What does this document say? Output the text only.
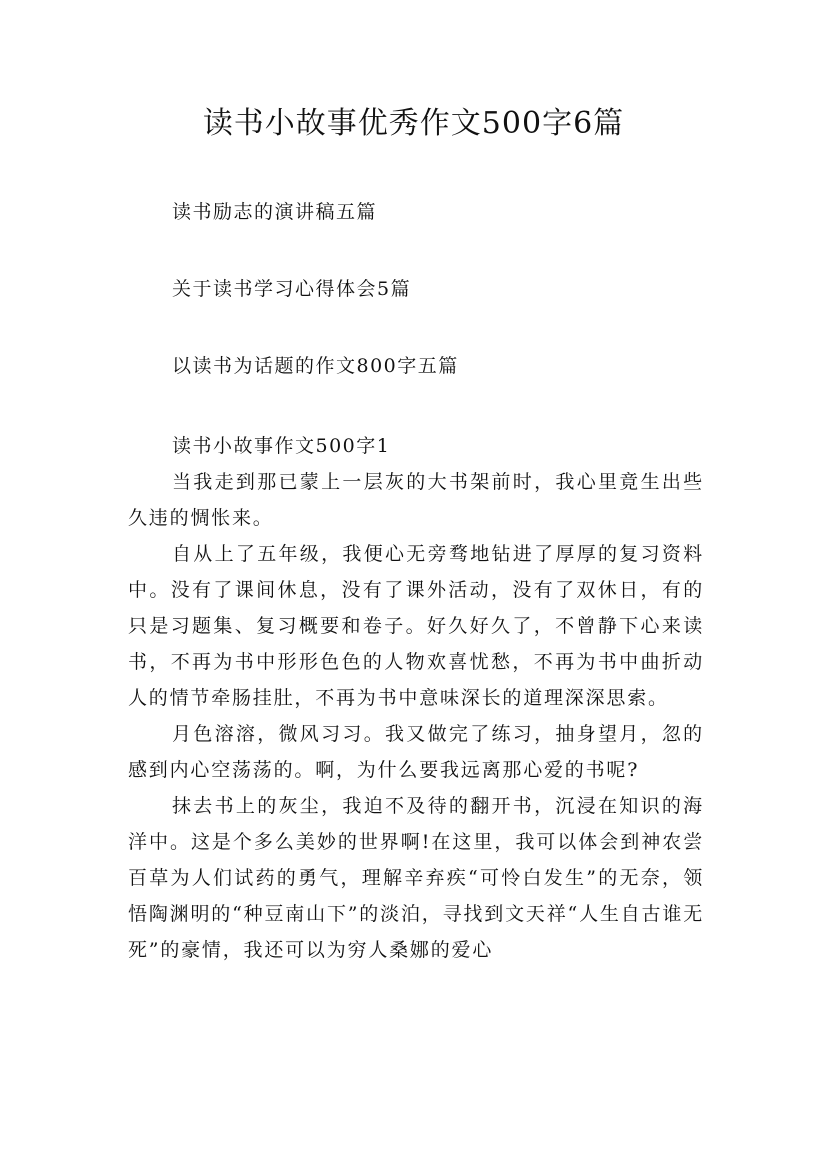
读书小故事优秀作文500字6篇

读书励志的演讲稿五篇

关于读书学习心得体会5篇

以读书为话题的作文800字五篇

读书小故事作文500字1

当我走到那已蒙上一层灰的大书架前时，我心里竟生出些久违的惆怅来。

自从上了五年级，我便心无旁骛地钻进了厚厚的复习资料中。没有了课间休息，没有了课外活动，没有了双休日，有的只是习题集、复习概要和卷子。好久好久了，不曾静下心来读书，不再为书中形形色色的人物欢喜忧愁，不再为书中曲折动人的情节牵肠挂肚，不再为书中意味深长的道理深深思索。

月色溶溶，微风习习。我又做完了练习，抽身望月，忽的感到内心空荡荡的。啊，为什么要我远离那心爱的书呢?

抹去书上的灰尘，我迫不及待的翻开书，沉浸在知识的海洋中。这是个多么美妙的世界啊!在这里，我可以体会到神农尝百草为人们试药的勇气，理解辛弃疾“可怜白发生”的无奈，领悟陶渊明的“种豆南山下”的淡泊，寻找到文天祥“人生自古谁无死”的豪情，我还可以为穷人桑娜的爱心
